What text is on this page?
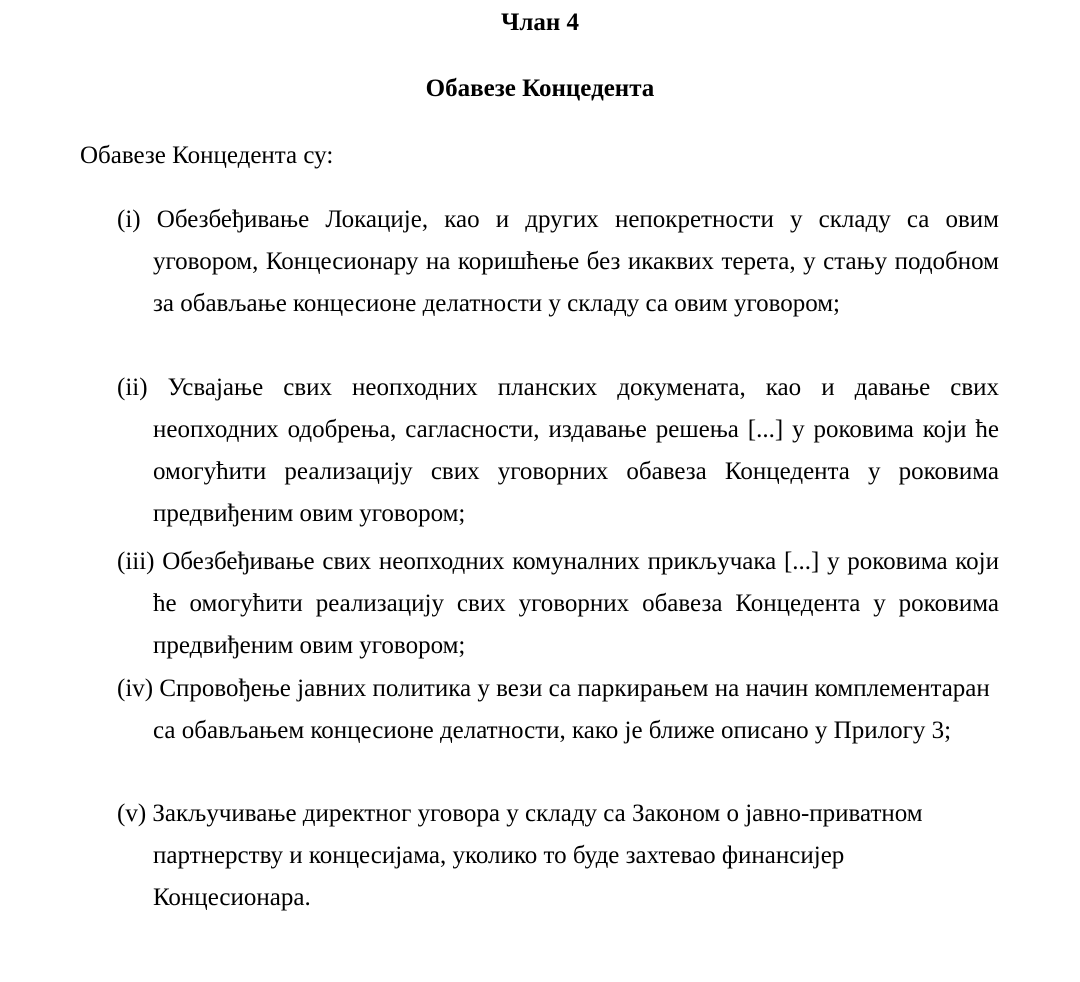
Члан 4
Обавезе Концедента

Обавезе Концедента су:

(i) Обезбеђивање Локације, као и других непокретности у складу са овим уговором, Концесионару на коришћење без икаквих терета, у стању подобном за обављање концесионе делатности у складу са овим уговором;
(ii) Усвајање свих неопходних планских докумената, као и давање свих неопходних одобрења, сагласности, издавање решења [...] у роковима који ће омогућити реализацију свих уговорних обавеза Концедента у роковима предвиђеним овим уговором;
(iii) Обезбеђивање свих неопходних комуналних прикључака [...] у роковима који ће омогућити реализацију свих уговорних обавеза Концедента у роковима предвиђеним овим уговором;
(iv) Спровођење јавних политика у вези са паркирањем на начин комплементаран са обављањем концесионе делатности, како је ближе описано у Прилогу 3;
(v) Закључивање директног уговора у складу са Законом о јавно-приватном партнерству и концесијама, уколико то буде захтевао финансијер Концесионара.
